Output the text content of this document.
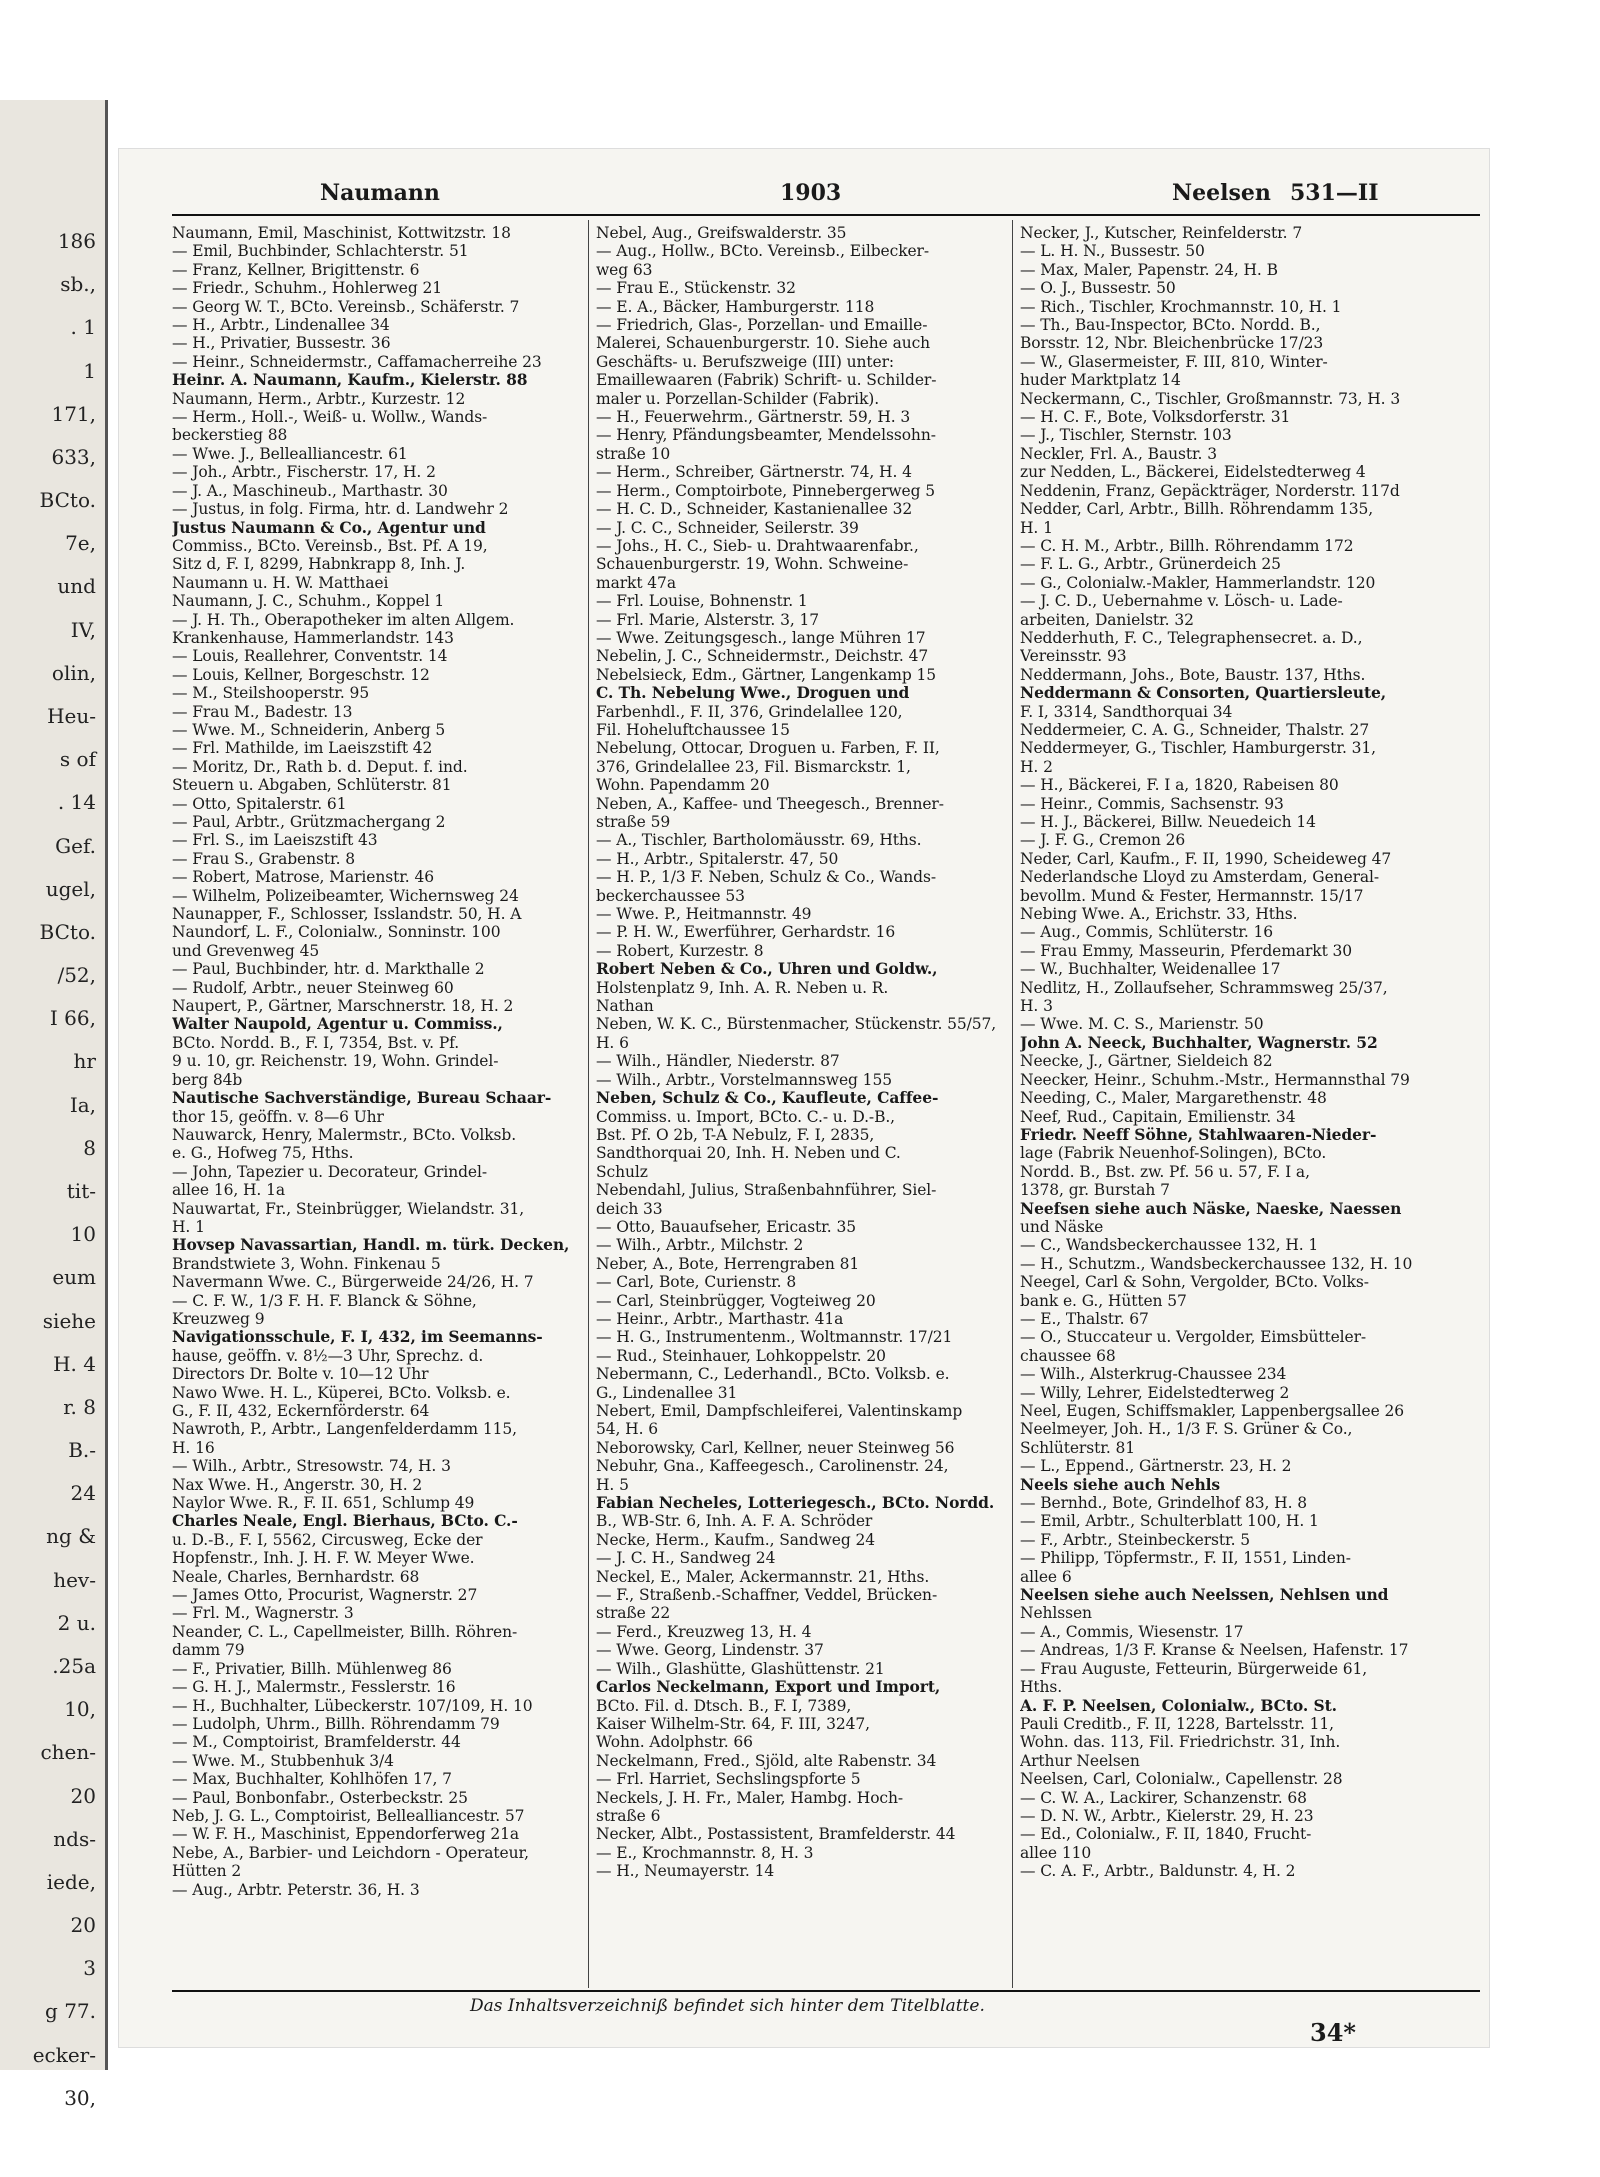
186
sb.,
. 1
1
171,
633,
BCto.
7e,
und
IV,
olin,
Heu-
s of
. 14
Gef.
ugel,
BCto.
/52,
I 66,
hr
Ia,
8
tit-
10
eum
siehe
H. 4
r. 8
B.-
24
ng &
hev-
2 u.
.25a
10,
chen-
20
nds-
iede,
20
3
g 77.
ecker-
30,
Naumann	1903	Neelsen 531—II
Naumann, Emil, Maschinist, Kottwitzstr. 18
— Emil, Buchbinder, Schlachterstr. 51
— Franz, Kellner, Brigittenstr. 6
— Friedr., Schuhm., Hohlerweg 21
— Georg W. T., BCto. Vereinsb., Schäferstr. 7
— H., Arbtr., Lindenallee 34
— H., Privatier, Bussestr. 36
— Heinr., Schneidermstr., Caffamacherreihe 23
Heinr. A. Naumann, Kaufm., Kielerstr. 88
Naumann, Herm., Arbtr., Kurzestr. 12
— Herm., Holl.-, Weiß- u. Wollw., Wands-
beckerstieg 88
— Wwe. J., Bellealliancestr. 61
— Joh., Arbtr., Fischerstr. 17, H. 2
— J. A., Maschineub., Marthastr. 30
— Justus, in folg. Firma, htr. d. Landwehr 2
Justus Naumann & Co., Agentur und
Commiss., BCto. Vereinsb., Bst. Pf. A 19,
Sitz d, F. I, 8299, Habnkrapp 8, Inh. J.
Naumann u. H. W. Matthaei
Naumann, J. C., Schuhm., Koppel 1
— J. H. Th., Oberapotheker im alten Allgem.
Krankenhause, Hammerlandstr. 143
— Louis, Reallehrer, Conventstr. 14
— Louis, Kellner, Borgeschstr. 12
— M., Steilshooperstr. 95
— Frau M., Badestr. 13
— Wwe. M., Schneiderin, Anberg 5
— Frl. Mathilde, im Laeiszstift 42
— Moritz, Dr., Rath b. d. Deput. f. ind.
Steuern u. Abgaben, Schlüterstr. 81
— Otto, Spitalerstr. 61
— Paul, Arbtr., Grützmachergang 2
— Frl. S., im Laeiszstift 43
— Frau S., Grabenstr. 8
— Robert, Matrose, Marienstr. 46
— Wilhelm, Polizeibeamter, Wichernsweg 24
Naunapper, F., Schlosser, Isslandstr. 50, H. A
Naundorf, L. F., Colonialw., Sonninstr. 100
und Grevenweg 45
— Paul, Buchbinder, htr. d. Markthalle 2
— Rudolf, Arbtr., neuer Steinweg 60
Naupert, P., Gärtner, Marschnerstr. 18, H. 2
Walter Naupold, Agentur u. Commiss.,
BCto. Nordd. B., F. I, 7354, Bst. v. Pf.
9 u. 10, gr. Reichenstr. 19, Wohn. Grindel-
berg 84b
Nautische Sachverständige, Bureau Schaar-
thor 15, geöffn. v. 8—6 Uhr
Nauwarck, Henry, Malermstr., BCto. Volksb.
e. G., Hofweg 75, Hths.
— John, Tapezier u. Decorateur, Grindel-
allee 16, H. 1a
Nauwartat, Fr., Steinbrügger, Wielandstr. 31,
H. 1
Hovsep Navassartian, Handl. m. türk. Decken,
Brandstwiete 3, Wohn. Finkenau 5
Navermann Wwe. C., Bürgerweide 24/26, H. 7
— C. F. W., 1/3 F. H. F. Blanck & Söhne,
Kreuzweg 9
Navigationsschule, F. I, 432, im Seemanns-
hause, geöffn. v. 8½—3 Uhr, Sprechz. d.
Directors Dr. Bolte v. 10—12 Uhr
Nawo Wwe. H. L., Küperei, BCto. Volksb. e.
G., F. II, 432, Eckernförderstr. 64
Nawroth, P., Arbtr., Langenfelderdamm 115,
H. 16
— Wilh., Arbtr., Stresowstr. 74, H. 3
Nax Wwe. H., Angerstr. 30, H. 2
Naylor Wwe. R., F. II. 651, Schlump 49
Charles Neale, Engl. Bierhaus, BCto. C.-
u. D.-B., F. I, 5562, Circusweg, Ecke der
Hopfenstr., Inh. J. H. F. W. Meyer Wwe.
Neale, Charles, Bernhardstr. 68
— James Otto, Procurist, Wagnerstr. 27
— Frl. M., Wagnerstr. 3
Neander, C. L., Capellmeister, Billh. Röhren-
damm 79
— F., Privatier, Billh. Mühlenweg 86
— G. H. J., Malermstr., Fesslerstr. 16
— H., Buchhalter, Lübeckerstr. 107/109, H. 10
— Ludolph, Uhrm., Billh. Röhrendamm 79
— M., Comptoirist, Bramfelderstr. 44
— Wwe. M., Stubbenhuk 3/4
— Max, Buchhalter, Kohlhöfen 17, 7
— Paul, Bonbonfabr., Osterbeckstr. 25
Neb, J. G. L., Comptoirist, Bellealliancestr. 57
— W. F. H., Maschinist, Eppendorferweg 21a
Nebe, A., Barbier- und Leichdorn - Operateur,
Hütten 2
— Aug., Arbtr. Peterstr. 36, H. 3
Nebel, Aug., Greifswalderstr. 35
— Aug., Hollw., BCto. Vereinsb., Eilbecker-
weg 63
— Frau E., Stückenstr. 32
— E. A., Bäcker, Hamburgerstr. 118
— Friedrich, Glas-, Porzellan- und Emaille-
Malerei, Schauenburgerstr. 10. Siehe auch
Geschäfts- u. Berufszweige (III) unter:
Emaillewaaren (Fabrik) Schrift- u. Schilder-
maler u. Porzellan-Schilder (Fabrik).
— H., Feuerwehrm., Gärtnerstr. 59, H. 3
— Henry, Pfändungsbeamter, Mendelssohn-
straße 10
— Herm., Schreiber, Gärtnerstr. 74, H. 4
— Herm., Comptoirbote, Pinnebergerweg 5
— H. C. D., Schneider, Kastanienallee 32
— J. C. C., Schneider, Seilerstr. 39
— Johs., H. C., Sieb- u. Drahtwaarenfabr.,
Schauenburgerstr. 19, Wohn. Schweine-
markt 47a
— Frl. Louise, Bohnenstr. 1
— Frl. Marie, Alsterstr. 3, 17
— Wwe. Zeitungsgesch., lange Mühren 17
Nebelin, J. C., Schneidermstr., Deichstr. 47
Nebelsieck, Edm., Gärtner, Langenkamp 15
C. Th. Nebelung Wwe., Droguen und
Farbenhdl., F. II, 376, Grindelallee 120,
Fil. Hoheluftchaussee 15
Nebelung, Ottocar, Droguen u. Farben, F. II,
376, Grindelallee 23, Fil. Bismarckstr. 1,
Wohn. Papendamm 20
Neben, A., Kaffee- und Theegesch., Brenner-
straße 59
— A., Tischler, Bartholomäusstr. 69, Hths.
— H., Arbtr., Spitalerstr. 47, 50
— H. P., 1/3 F. Neben, Schulz & Co., Wands-
beckerchaussee 53
— Wwe. P., Heitmannstr. 49
— P. H. W., Ewerführer, Gerhardstr. 16
— Robert, Kurzestr. 8
Robert Neben & Co., Uhren und Goldw.,
Holstenplatz 9, Inh. A. R. Neben u. R.
Nathan
Neben, W. K. C., Bürstenmacher, Stückenstr. 55/57,
H. 6
— Wilh., Händler, Niederstr. 87
— Wilh., Arbtr., Vorstelmannsweg 155
Neben, Schulz & Co., Kaufleute, Caffee-
Commiss. u. Import, BCto. C.- u. D.-B.,
Bst. Pf. O 2b, T-A Nebulz, F. I, 2835,
Sandthorquai 20, Inh. H. Neben und C.
Schulz
Nebendahl, Julius, Straßenbahnführer, Siel-
deich 33
— Otto, Bauaufseher, Ericastr. 35
— Wilh., Arbtr., Milchstr. 2
Neber, A., Bote, Herrengraben 81
— Carl, Bote, Curienstr. 8
— Carl, Steinbrügger, Vogteiweg 20
— Heinr., Arbtr., Marthastr. 41a
— H. G., Instrumentenm., Woltmannstr. 17/21
— Rud., Steinhauer, Lohkoppelstr. 20
Nebermann, C., Lederhandl., BCto. Volksb. e.
G., Lindenallee 31
Nebert, Emil, Dampfschleiferei, Valentinskamp
54, H. 6
Neborowsky, Carl, Kellner, neuer Steinweg 56
Nebuhr, Gna., Kaffeegesch., Carolinenstr. 24,
H. 5
Fabian Necheles, Lotteriegesch., BCto. Nordd.
B., WB-Str. 6, Inh. A. F. A. Schröder
Necke, Herm., Kaufm., Sandweg 24
— J. C. H., Sandweg 24
Neckel, E., Maler, Ackermannstr. 21, Hths.
— F., Straßenb.-Schaffner, Veddel, Brücken-
straße 22
— Ferd., Kreuzweg 13, H. 4
— Wwe. Georg, Lindenstr. 37
— Wilh., Glashütte, Glashüttenstr. 21
Carlos Neckelmann, Export und Import,
BCto. Fil. d. Dtsch. B., F. I, 7389,
Kaiser Wilhelm-Str. 64, F. III, 3247,
Wohn. Adolphstr. 66
Neckelmann, Fred., Sjöld, alte Rabenstr. 34
— Frl. Harriet, Sechslingspforte 5
Neckels, J. H. Fr., Maler, Hambg. Hoch-
straße 6
Necker, Albt., Postassistent, Bramfelderstr. 44
— E., Krochmannstr. 8, H. 3
— H., Neumayerstr. 14
Necker, J., Kutscher, Reinfelderstr. 7
— L. H. N., Bussestr. 50
— Max, Maler, Papenstr. 24, H. B
— O. J., Bussestr. 50
— Rich., Tischler, Krochmannstr. 10, H. 1
— Th., Bau-Inspector, BCto. Nordd. B.,
Borsstr. 12, Nbr. Bleichenbrücke 17/23
— W., Glasermeister, F. III, 810, Winter-
huder Marktplatz 14
Neckermann, C., Tischler, Großmannstr. 73, H. 3
— H. C. F., Bote, Volksdorferstr. 31
— J., Tischler, Sternstr. 103
Neckler, Frl. A., Baustr. 3
zur Nedden, L., Bäckerei, Eidelstedterweg 4
Neddenin, Franz, Gepäckträger, Norderstr. 117d
Nedder, Carl, Arbtr., Billh. Röhrendamm 135,
H. 1
— C. H. M., Arbtr., Billh. Röhrendamm 172
— F. L. G., Arbtr., Grünerdeich 25
— G., Colonialw.-Makler, Hammerlandstr. 120
— J. C. D., Uebernahme v. Lösch- u. Lade-
arbeiten, Danielstr. 32
Nedderhuth, F. C., Telegraphensecret. a. D.,
Vereinsstr. 93
Neddermann, Johs., Bote, Baustr. 137, Hths.
Neddermann & Consorten, Quartiersleute,
F. I, 3314, Sandthorquai 34
Neddermeier, C. A. G., Schneider, Thalstr. 27
Neddermeyer, G., Tischler, Hamburgerstr. 31,
H. 2
— H., Bäckerei, F. I a, 1820, Rabeisen 80
— Heinr., Commis, Sachsenstr. 93
— H. J., Bäckerei, Billw. Neuedeich 14
— J. F. G., Cremon 26
Neder, Carl, Kaufm., F. II, 1990, Scheideweg 47
Nederlandsche Lloyd zu Amsterdam, General-
bevollm. Mund & Fester, Hermannstr. 15/17
Nebing Wwe. A., Erichstr. 33, Hths.
— Aug., Commis, Schlüterstr. 16
— Frau Emmy, Masseurin, Pferdemarkt 30
— W., Buchhalter, Weidenallee 17
Nedlitz, H., Zollaufseher, Schrammsweg 25/37,
H. 3
— Wwe. M. C. S., Marienstr. 50
John A. Neeck, Buchhalter, Wagnerstr. 52
Neecke, J., Gärtner, Sieldeich 82
Neecker, Heinr., Schuhm.-Mstr., Hermannsthal 79
Needing, C., Maler, Margarethenstr. 48
Neef, Rud., Capitain, Emilienstr. 34
Friedr. Neeff Söhne, Stahlwaaren-Nieder-
lage (Fabrik Neuenhof-Solingen), BCto.
Nordd. B., Bst. zw. Pf. 56 u. 57, F. I a,
1378, gr. Burstah 7
Neefsen siehe auch Näske, Naeske, Naessen
und Näske
— C., Wandsbeckerchaussee 132, H. 1
— H., Schutzm., Wandsbeckerchaussee 132, H. 10
Neegel, Carl & Sohn, Vergolder, BCto. Volks-
bank e. G., Hütten 57
— E., Thalstr. 67
— O., Stuccateur u. Vergolder, Eimsbütteler-
chaussee 68
— Wilh., Alsterkrug-Chaussee 234
— Willy, Lehrer, Eidelstedterweg 2
Neel, Eugen, Schiffsmakler, Lappenbergsallee 26
Neelmeyer, Joh. H., 1/3 F. S. Grüner & Co.,
Schlüterstr. 81
— L., Eppend., Gärtnerstr. 23, H. 2
Neels siehe auch Nehls
— Bernhd., Bote, Grindelhof 83, H. 8
— Emil, Arbtr., Schulterblatt 100, H. 1
— F., Arbtr., Steinbeckerstr. 5
— Philipp, Töpfermstr., F. II, 1551, Linden-
allee 6
Neelsen siehe auch Neelssen, Nehlsen und
Nehlssen
— A., Commis, Wiesenstr. 17
— Andreas, 1/3 F. Kranse & Neelsen, Hafenstr. 17
— Frau Auguste, Fetteurin, Bürgerweide 61,
Hths.
A. F. P. Neelsen, Colonialw., BCto. St.
Pauli Creditb., F. II, 1228, Bartelsstr. 11,
Wohn. das. 113, Fil. Friedrichstr. 31, Inh.
Arthur Neelsen
Neelsen, Carl, Colonialw., Capellenstr. 28
— C. W. A., Lackirer, Schanzenstr. 68
— D. N. W., Arbtr., Kielerstr. 29, H. 23
— Ed., Colonialw., F. II, 1840, Frucht-
allee 110
— C. A. F., Arbtr., Baldunstr. 4, H. 2
Das Inhaltsverzeichniß befindet sich hinter dem Titelblatte.
34*
